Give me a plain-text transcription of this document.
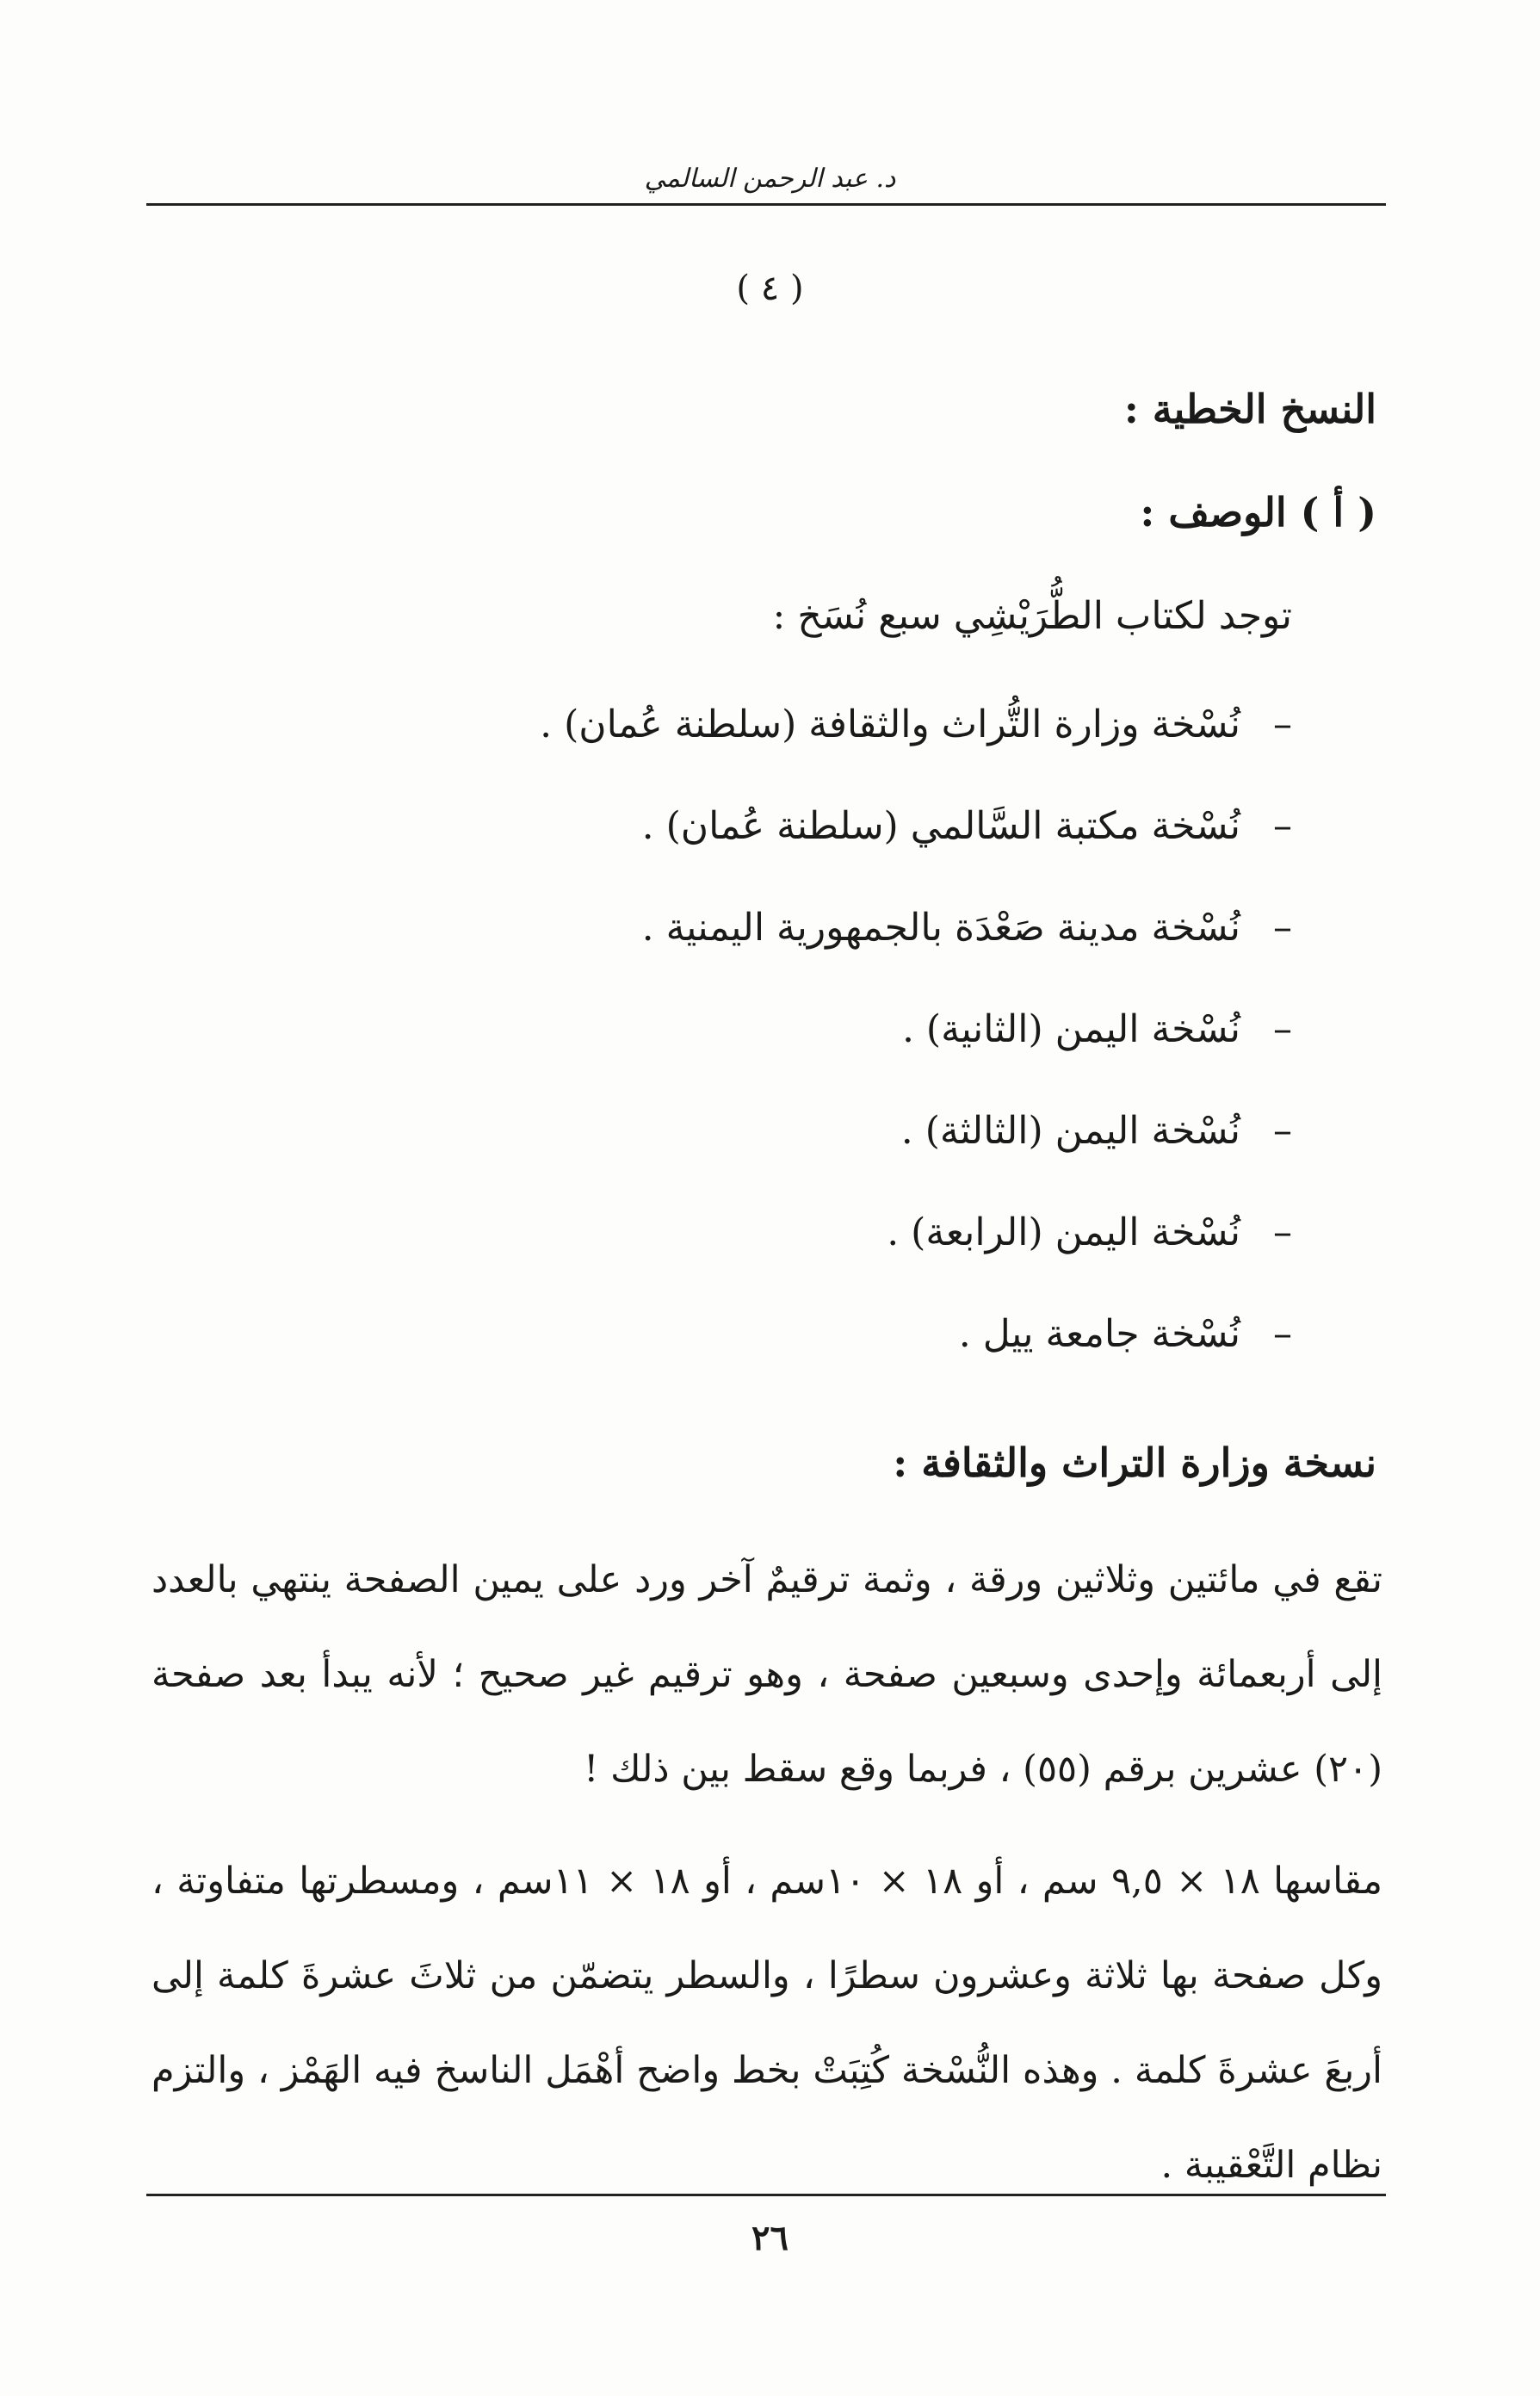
د. عبد الرحمن السالمي
( ٤ )
النسخ الخطية :
( أ ) الوصف :
توجد لكتاب الطُّرَيْشِي سبع نُسَخ :
–نُسْخة وزارة التُّراث والثقافة (سلطنة عُمان) .
–نُسْخة مكتبة السَّالمي (سلطنة عُمان) .
–نُسْخة مدينة صَعْدَة بالجمهورية اليمنية .
–نُسْخة اليمن (الثانية) .
–نُسْخة اليمن (الثالثة) .
–نُسْخة اليمن (الرابعة) .
–نُسْخة جامعة ييل .
نسخة وزارة التراث والثقافة :

تقع في مائتين وثلاثين ورقة ، وثمة ترقيمٌ آخر ورد على يمين الصفحة ينتهي بالعدد إلى أربعمائة وإحدى وسبعين صفحة ، وهو ترقيم غير صحيح ؛ لأنه يبدأ بعد صفحة (٢٠) عشرين برقم (٥٥) ، فربما وقع سقط بين ذلك !

مقاسها ١٨ × ٩,٥ سم ، أو ١٨ × ١٠سم ، أو ١٨ × ١١سم ، ومسطرتها متفاوتة ، وكل صفحة بها ثلاثة وعشرون سطرًا ، والسطر يتضمّن من ثلاثَ عشرةَ كلمة إلى أربعَ عشرةَ كلمة . وهذه النُّسْخة كُتِبَتْ بخط واضح أهْمَل الناسخ فيه الهَمْز ، والتزم نظام التَّعْقيبة .

٢٦
